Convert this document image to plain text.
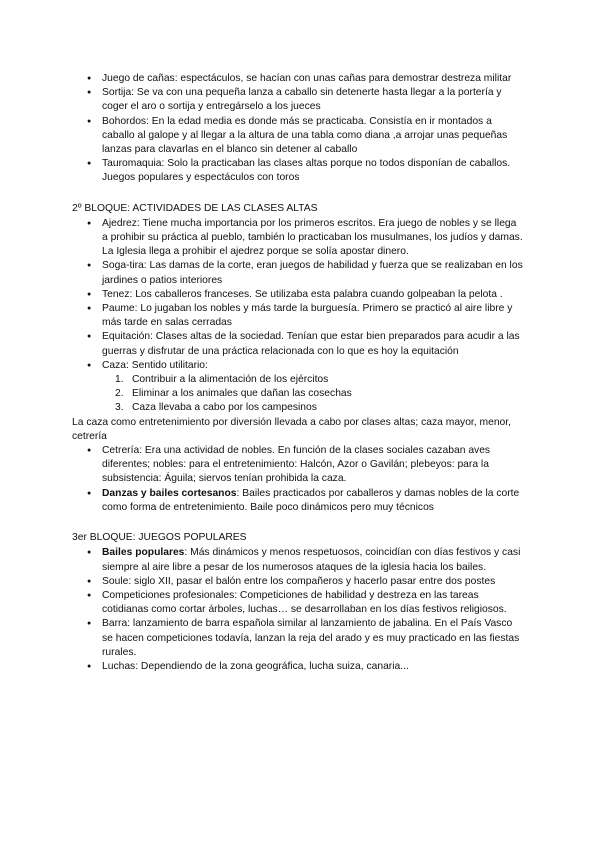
● Juego de cañas: espectáculos, se hacían con unas cañas para demostrar destreza militar
● Sortija: Se va con una pequeña lanza a caballo sin detenerte hasta llegar a la portería y coger el aro o sortija y entregárselo a los jueces
● Bohordos: En la edad media es donde más se practicaba. Consistía en ir montados a caballo al galope y al llegar a la altura de una tabla como diana ,a arrojar unas pequeñas lanzas para clavarlas en el blanco sin detener al caballo
● Tauromaquia: Solo la practicaban las clases altas porque no todos disponían de caballos. Juegos populares y espectáculos con toros
2º BLOQUE: ACTIVIDADES DE LAS CLASES ALTAS
● Ajedrez: Tiene mucha importancia por los primeros escritos. Era juego de nobles y se llega a prohibir su práctica al pueblo, también lo practicaban los musulmanes, los judíos y damas. La Iglesia llega a prohibir el ajedrez porque se solía apostar dinero.
● Soga-tira: Las damas de la corte, eran juegos de habilidad y fuerza que se realizaban en los jardines o patios interiores
● Tenez: Los caballeros franceses. Se utilizaba esta palabra cuando golpeaban la pelota .
● Paume: Lo jugaban los nobles y más tarde la burguesía. Primero se practicó al aire libre y más tarde en salas cerradas
● Equitación: Clases altas de la sociedad. Tenían que estar bien preparados para acudir a las guerras y disfrutar de una práctica relacionada con lo que es hoy la equitación
● Caza: Sentido utilitario:
1. Contribuir a la alimentación de los ejércitos
2. Eliminar a los animales que dañan las cosechas
3. Caza llevaba a cabo por los campesinos
La caza como entretenimiento por diversión llevada a cabo por clases altas; caza mayor, menor, cetrería
● Cetrería: Era una actividad de nobles. En función de la clases sociales cazaban aves diferentes; nobles: para el entretenimiento: Halcón, Azor o Gavilán; plebeyos: para la subsistencia: Águila; siervos tenían prohibida la caza.
● Danzas y bailes cortesanos: Bailes practicados por caballeros y damas nobles de la corte como forma de entretenimiento. Baile poco dinámicos pero muy técnicos
3er BLOQUE: JUEGOS POPULARES
● Bailes populares: Más dinámicos y menos respetuosos, coincidían con días festivos y casi siempre al aire libre a pesar de los numerosos ataques de la iglesia hacia los bailes.
● Soule: siglo XII, pasar el balón entre los compañeros y hacerlo pasar entre dos postes
● Competiciones profesionales: Competiciones de habilidad y destreza en las tareas cotidianas como cortar árboles, luchas… se desarrollaban en los días festivos religiosos.
● Barra: lanzamiento de barra española similar al lanzamiento de jabalina. En el País Vasco se hacen competiciones todavía, lanzan la reja del arado y es muy practicado en las fiestas rurales.
● Luchas: Dependiendo de la zona geográfica, lucha suiza, canaria...
